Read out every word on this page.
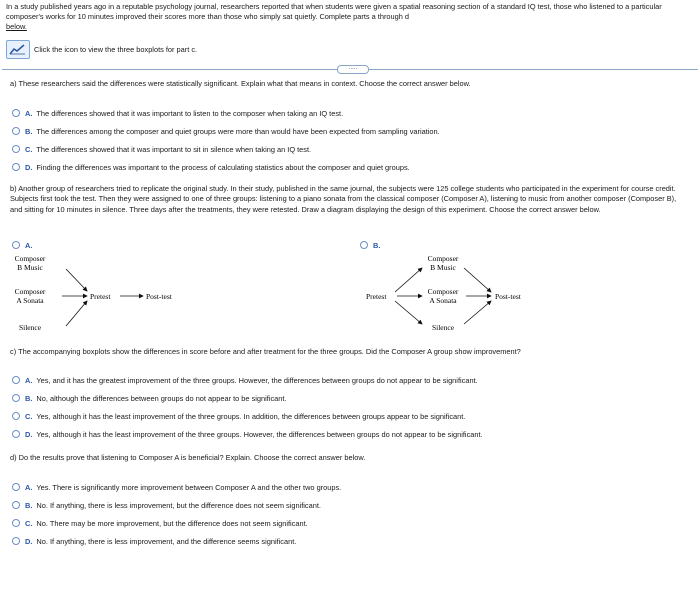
In a study published years ago in a reputable psychology journal, researchers reported that when students were given a spatial reasoning section of a standard IQ test, those who listened to a particular composer's works for 10 minutes improved their scores more than those who simply sat quietly. Complete parts a through d
below.
Click the icon to view the three boxplots for part c.
.....
a) These researchers said the differences were statistically significant. Explain what that means in context. Choose the correct answer below.
A. The differences showed that it was important to listen to the composer when taking an IQ test.
B. The differences among the composer and quiet groups were more than would have been expected from sampling variation.
C. The differences showed that it was important to sit in silence when taking an IQ test.
D. Finding the differences was important to the process of calculating statistics about the composer and quiet groups.
b) Another group of researchers tried to replicate the original study. In their study, published in the same journal, the subjects were 125 college students who participated in the experiment for course credit. Subjects first took the test. Then they were assigned to one of three groups: listening to a piano sonata from the classical composer (Composer A), listening to music from another composer (Composer B), and sitting for 10 minutes in silence. Three days after the treatments, they were retested. Draw a diagram displaying the design of this experiment. Choose the correct answer below.
A.
Composer
B Music
Composer
A Sonata
Silence
Pretest	Post-test
B.
Pretest
Composer
B Music
Composer
A Sonata
Silence
Post-test
c) The accompanying boxplots show the differences in score before and after treatment for the three groups. Did the Composer A group show improvement?
A. Yes, and it has the greatest improvement of the three groups. However, the differences between groups do not appear to be significant.
B. No, although the differences between groups do not appear to be significant.
C. Yes, although it has the least improvement of the three groups. In addition, the differences between groups appear to be significant.
D. Yes, although it has the least improvement of the three groups. However, the differences between groups do not appear to be significant.
d) Do the results prove that listening to Composer A is beneficial? Explain. Choose the correct answer below.
A. Yes. There is significantly more improvement between Composer A and the other two groups.
B. No. If anything, there is less improvement, but the difference does not seem significant.
C. No. There may be more improvement, but the difference does not seem significant.
D. No. If anything, there is less improvement, and the difference seems significant.
